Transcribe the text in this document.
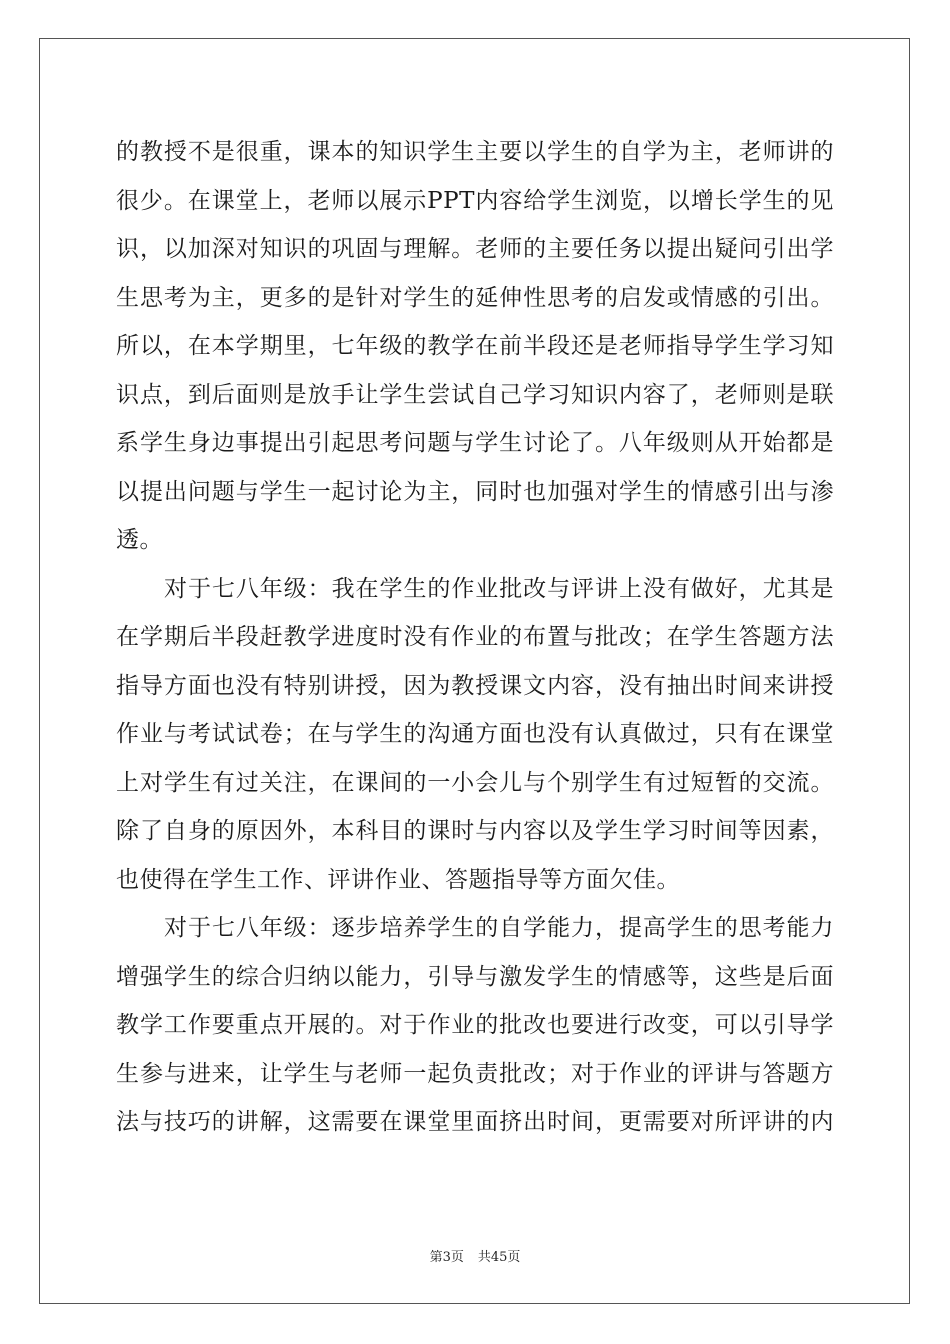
的教授不是很重，课本的知识学生主要以学生的自学为主，老师讲的
很少。在课堂上，老师以展示PPT内容给学生浏览，以增长学生的见
识，以加深对知识的巩固与理解。老师的主要任务以提出疑问引出学
生思考为主，更多的是针对学生的延伸性思考的启发或情感的引出。
所以，在本学期里，七年级的教学在前半段还是老师指导学生学习知
识点，到后面则是放手让学生尝试自己学习知识内容了，老师则是联
系学生身边事提出引起思考问题与学生讨论了。八年级则从开始都是
以提出问题与学生一起讨论为主，同时也加强对学生的情感引出与渗
透。
对于七八年级：我在学生的作业批改与评讲上没有做好，尤其是
在学期后半段赶教学进度时没有作业的布置与批改；在学生答题方法
指导方面也没有特别讲授，因为教授课文内容，没有抽出时间来讲授
作业与考试试卷；在与学生的沟通方面也没有认真做过，只有在课堂
上对学生有过关注，在课间的一小会儿与个别学生有过短暂的交流。
除了自身的原因外，本科目的课时与内容以及学生学习时间等因素，
也使得在学生工作、评讲作业、答题指导等方面欠佳。
对于七八年级：逐步培养学生的自学能力，提高学生的思考能力
增强学生的综合归纳以能力，引导与激发学生的情感等，这些是后面
教学工作要重点开展的。对于作业的批改也要进行改变，可以引导学
生参与进来，让学生与老师一起负责批改；对于作业的评讲与答题方
法与技巧的讲解，这需要在课堂里面挤出时间，更需要对所评讲的内
第3页 共45页
